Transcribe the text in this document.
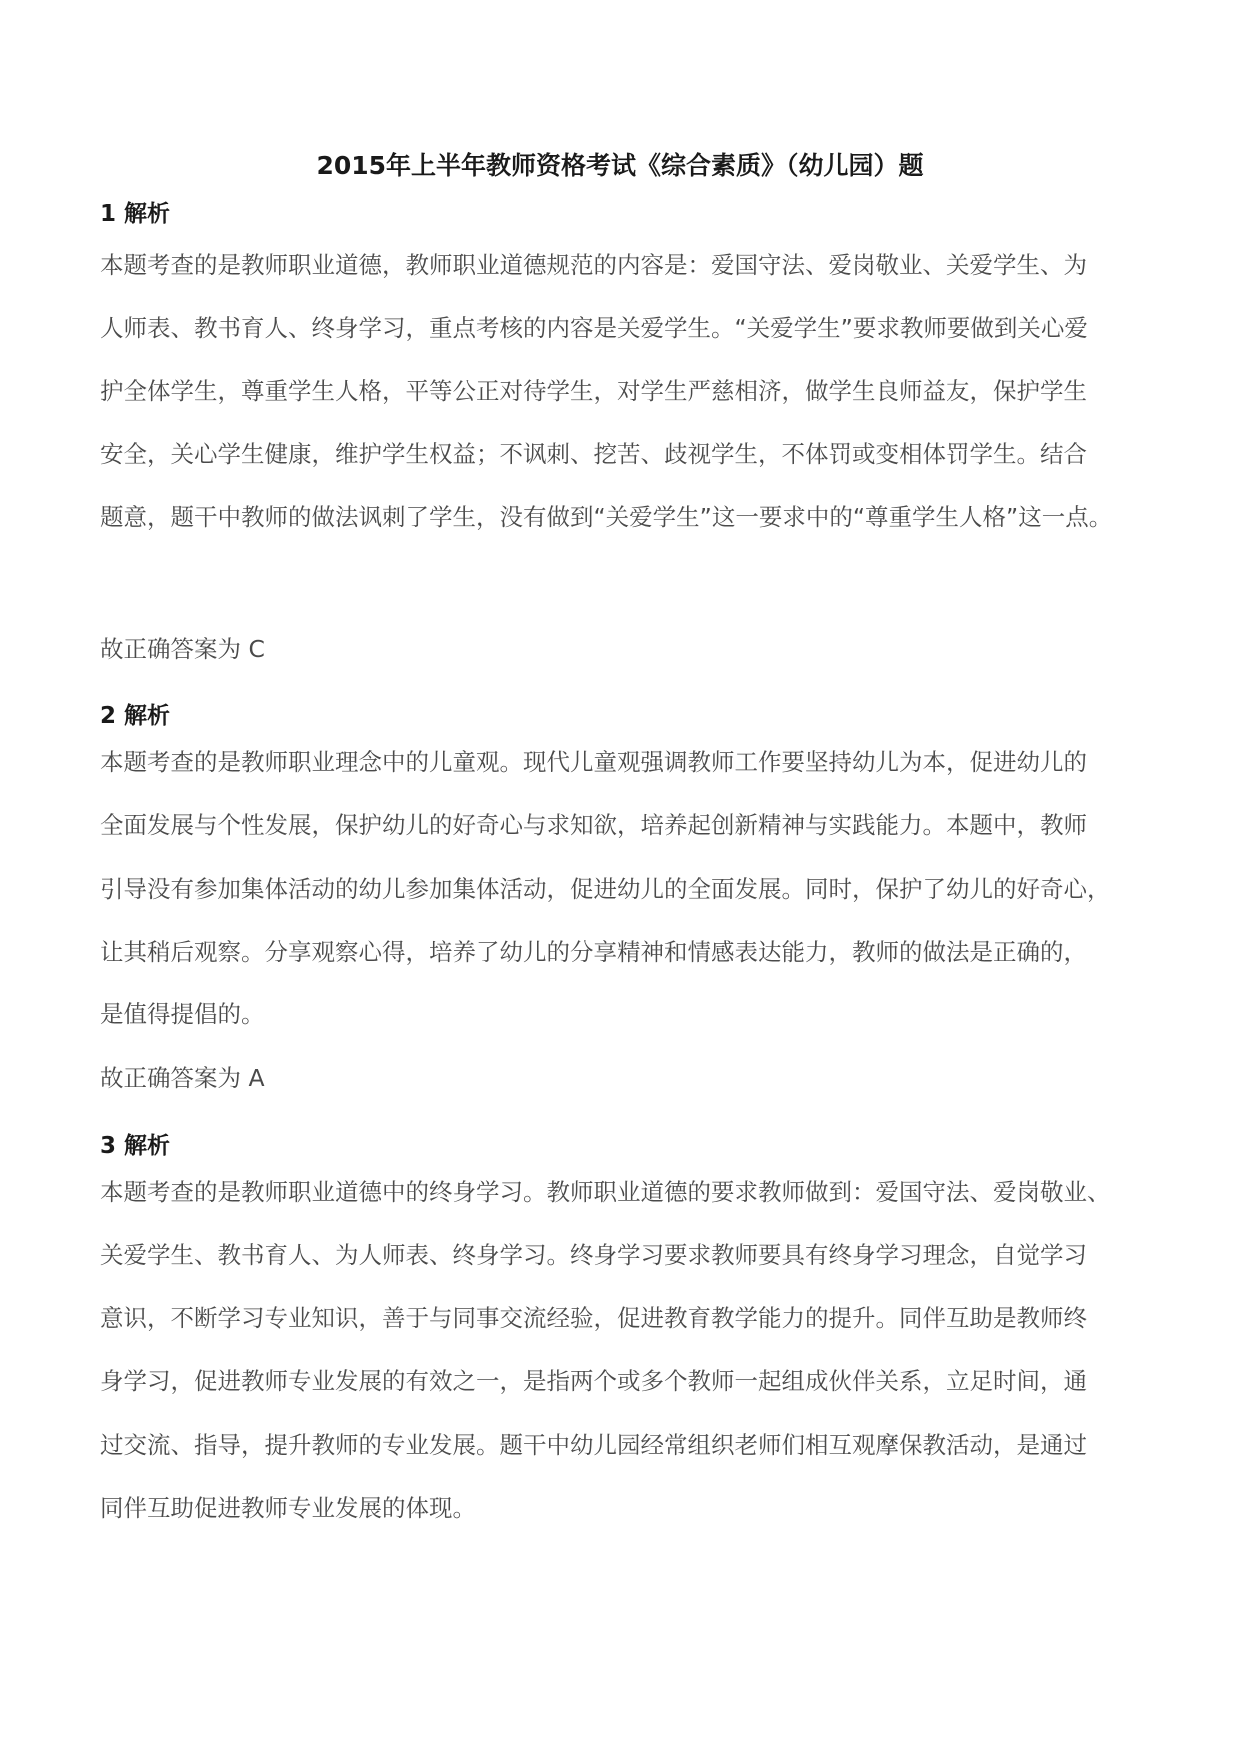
2015年上半年教师资格考试《综合素质》（幼儿园）题
1 解析
本题考查的是教师职业道德，教师职业道德规范的内容是：爱国守法、爱岗敬业、关爱学生、为
人师表、教书育人、终身学习，重点考核的内容是关爱学生。“关爱学生”要求教师要做到关心爱
护全体学生，尊重学生人格，平等公正对待学生，对学生严慈相济，做学生良师益友，保护学生
安全，关心学生健康，维护学生权益；不讽刺、挖苦、歧视学生，不体罚或变相体罚学生。结合
题意，题干中教师的做法讽刺了学生，没有做到“关爱学生”这一要求中的“尊重学生人格”这一点。
故正确答案为 C
2 解析
本题考查的是教师职业理念中的儿童观。现代儿童观强调教师工作要坚持幼儿为本，促进幼儿的
全面发展与个性发展，保护幼儿的好奇心与求知欲，培养起创新精神与实践能力。本题中，教师
引导没有参加集体活动的幼儿参加集体活动，促进幼儿的全面发展。同时，保护了幼儿的好奇心，
让其稍后观察。分享观察心得，培养了幼儿的分享精神和情感表达能力，教师的做法是正确的，
是值得提倡的。
故正确答案为 A
3 解析
本题考查的是教师职业道德中的终身学习。教师职业道德的要求教师做到：爱国守法、爱岗敬业、
关爱学生、教书育人、为人师表、终身学习。终身学习要求教师要具有终身学习理念，自觉学习
意识，不断学习专业知识，善于与同事交流经验，促进教育教学能力的提升。同伴互助是教师终
身学习，促进教师专业发展的有效之一，是指两个或多个教师一起组成伙伴关系，立足时间，通
过交流、指导，提升教师的专业发展。题干中幼儿园经常组织老师们相互观摩保教活动，是通过
同伴互助促进教师专业发展的体现。
